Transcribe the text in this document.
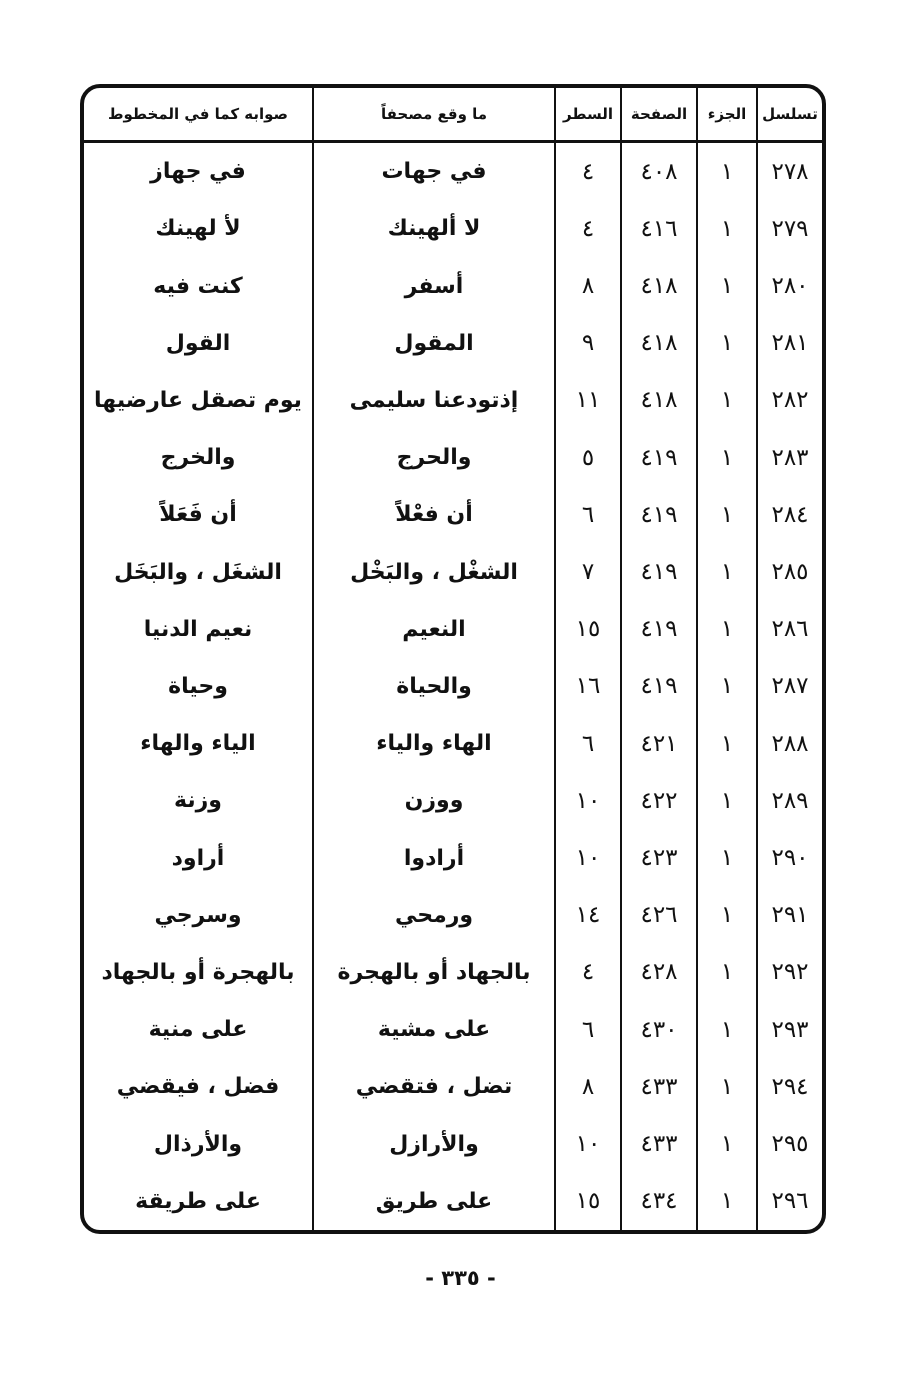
تسلسل	الجزء	الصفحة	السطر	ما وقع مصحفاً	صوابه كما في المخطوط
٢٧٨	١	٤٠٨	٤	في جهات	في جهاز
٢٧٩	١	٤١٦	٤	لا ألهينك	لأ لهينك
٢٨٠	١	٤١٨	٨	أسفر	كنت فيه
٢٨١	١	٤١٨	٩	المقول	القول
٢٨٢	١	٤١٨	١١	إذتودعنا سليمى	يوم تصقل عارضيها
٢٨٣	١	٤١٩	٥	والحرج	والخرج
٢٨٤	١	٤١٩	٦	أن فعْلاً	أن فَعَلاً
٢٨٥	١	٤١٩	٧	الشغْل ، والبَخْل	الشغَل ، والبَخَل
٢٨٦	١	٤١٩	١٥	النعيم	نعيم الدنيا
٢٨٧	١	٤١٩	١٦	والحياة	وحياة
٢٨٨	١	٤٢١	٦	الهاء والياء	الياء والهاء
٢٨٩	١	٤٢٢	١٠	ووزن	وزنة
٢٩٠	١	٤٢٣	١٠	أرادوا	أراود
٢٩١	١	٤٢٦	١٤	ورمحي	وسرجي
٢٩٢	١	٤٢٨	٤	بالجهاد أو بالهجرة	بالهجرة أو بالجهاد
٢٩٣	١	٤٣٠	٦	على مشية	على منية
٢٩٤	١	٤٣٣	٨	تضل ، فتقضي	فضل ، فيقضي
٢٩٥	١	٤٣٣	١٠	والأرازل	والأرذال
٢٩٦	١	٤٣٤	١٥	على طريق	على طريقة
- ٣٣٥ -
